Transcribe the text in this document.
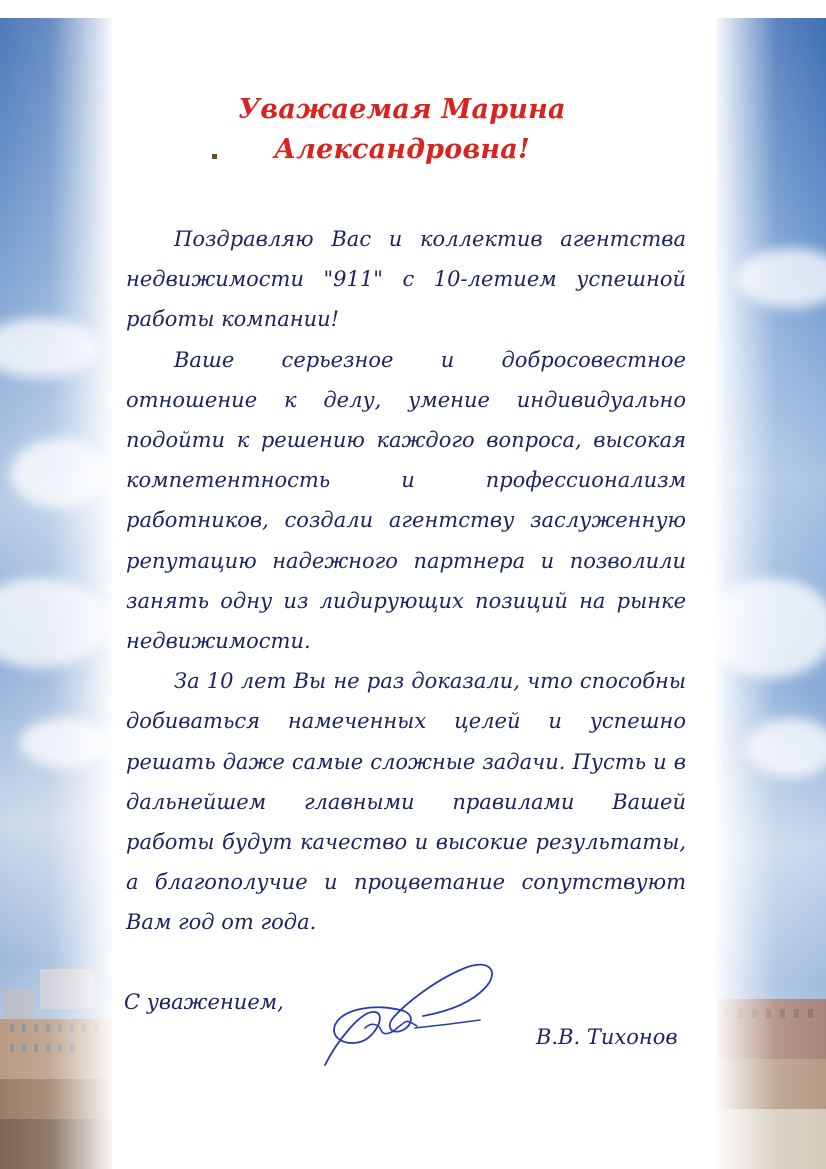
Уважаемая Марина Александровна!

Поздравляю Вас и коллектив агентства недвижимости "911" с 10-летием успешной работы компании!

Ваше серьезное и добросовестное отношение к делу, умение индивидуально подойти к решению каждого вопроса, высокая компетентность и профессионализм работников, создали агентству заслуженную репутацию надежного партнера и позволили занять одну из лидирующих позиций на рынке недвижимости.

За 10 лет Вы не раз доказали, что способны добиваться намеченных целей и успешно решать даже самые сложные задачи. Пусть и в дальнейшем главными правилами Вашей работы будут качество и высокие результаты, а благополучие и процветание сопутствуют Вам год от года.

С уважением,
В.В. Тихонов
